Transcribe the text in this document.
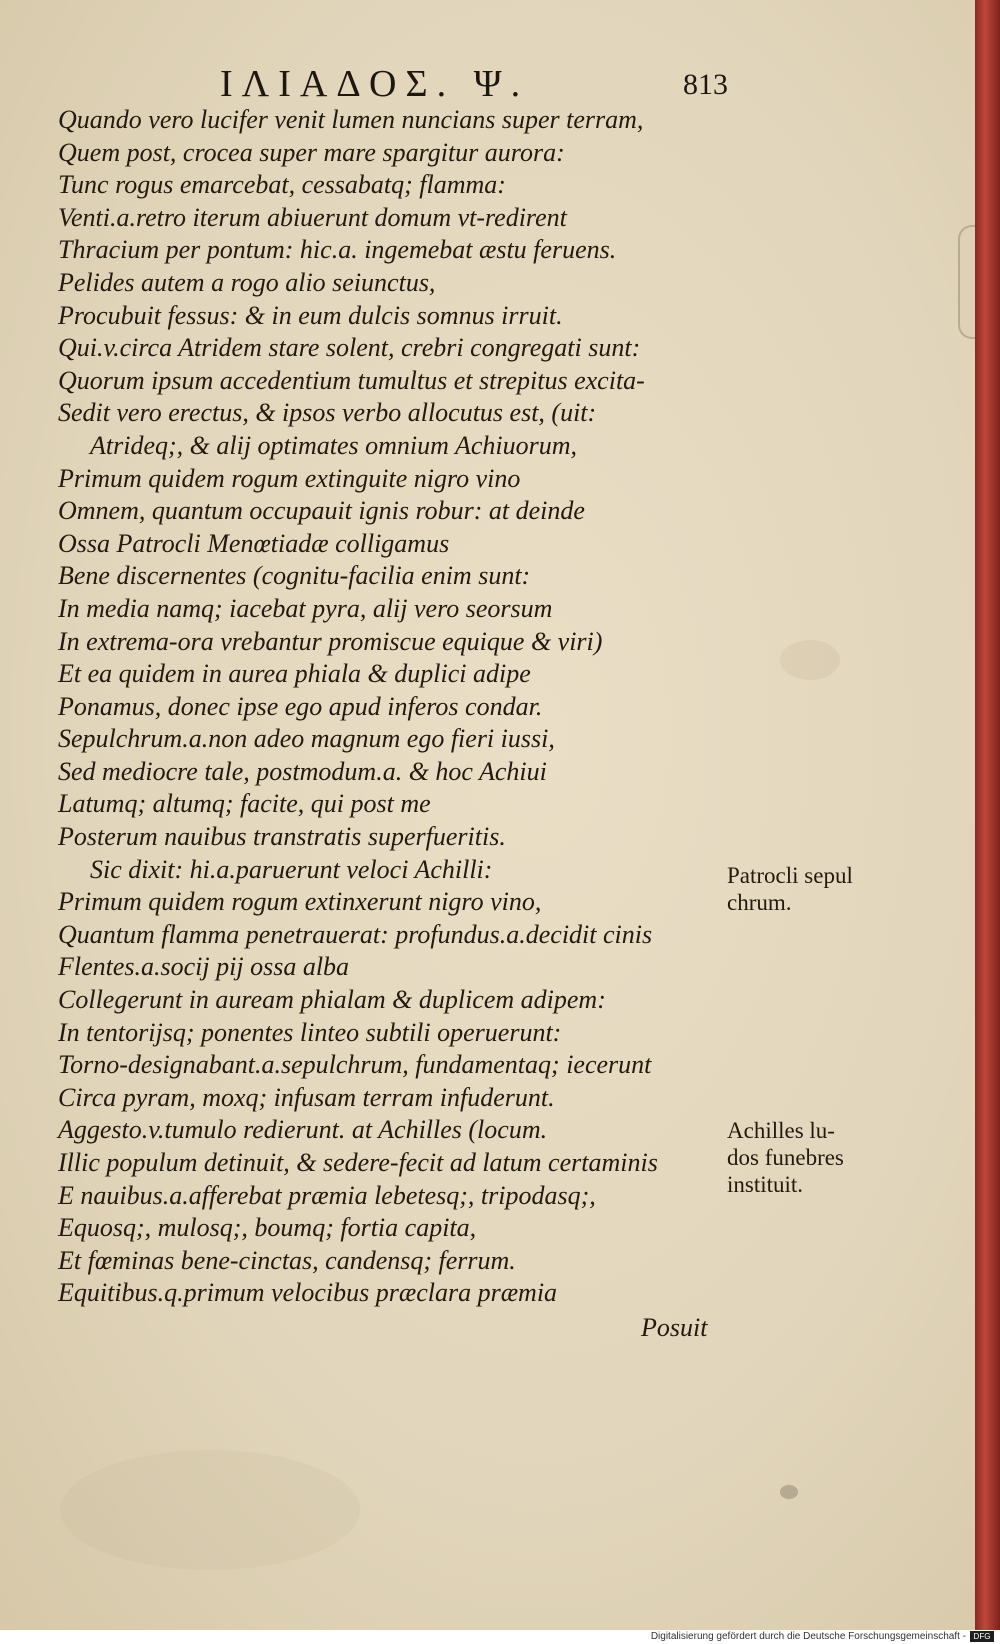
ΙΛΙΑΔΟΣ. Ψ.	813
Quando vero lucifer venit lumen nuncians super terram,
Quem post, crocea super mare spargitur aurora:
Tunc rogus emarcebat, cessabatq; flamma:
Venti.a.retro iterum abiuerunt domum vt-redirent
Thracium per pontum: hic.a. ingemebat æstu feruens.
Pelides autem a rogo alio seiunctus,
Procubuit fessus: & in eum dulcis somnus irruit.
Qui.v.circa Atridem stare solent, crebri congregati sunt:
Quorum ipsum accedentium tumultus et strepitus excita-
Sedit vero erectus, & ipsos verbo allocutus est, (uit:
Atrideq;, & alij optimates omnium Achiuorum,
Primum quidem rogum extinguite nigro vino
Omnem, quantum occupauit ignis robur: at deinde
Ossa Patrocli Menœtiadæ colligamus
Bene discernentes (cognitu-facilia enim sunt:
In media namq; iacebat pyra, alij vero seorsum
In extrema-ora vrebantur promiscue equique & viri)
Et ea quidem in aurea phiala & duplici adipe
Ponamus, donec ipse ego apud inferos condar.
Sepulchrum.a.non adeo magnum ego fieri iussi,
Sed mediocre tale, postmodum.a. & hoc Achiui
Latumq; altumq; facite, qui post me
Posterum nauibus transtratis superfueritis.
Sic dixit: hi.a.paruerunt veloci Achilli:
Primum quidem rogum extinxerunt nigro vino,
Quantum flamma penetrauerat: profundus.a.decidit cinis
Flentes.a.socij pij ossa alba
Collegerunt in auream phialam & duplicem adipem:
In tentorijsq; ponentes linteo subtili operuerunt:
Torno-designabant.a.sepulchrum, fundamentaq; iecerunt
Circa pyram, moxq; infusam terram infuderunt.
Aggesto.v.tumulo redierunt. at Achilles (locum.
Illic populum detinuit, & sedere-fecit ad latum certaminis
E nauibus.a.afferebat præmia lebetesq;, tripodasq;,
Equosq;, mulosq;, boumq; fortia capita,
Et fœminas bene-cinctas, candensq; ferrum.
Equitibus.q.primum velocibus præclara præmia
Patrocli sepul
chrum.
Achilles lu-
dos funebres
instituit.
Posuit
Digitalisierung gefördert durch die Deutsche Forschungsgemeinschaft - DFG
